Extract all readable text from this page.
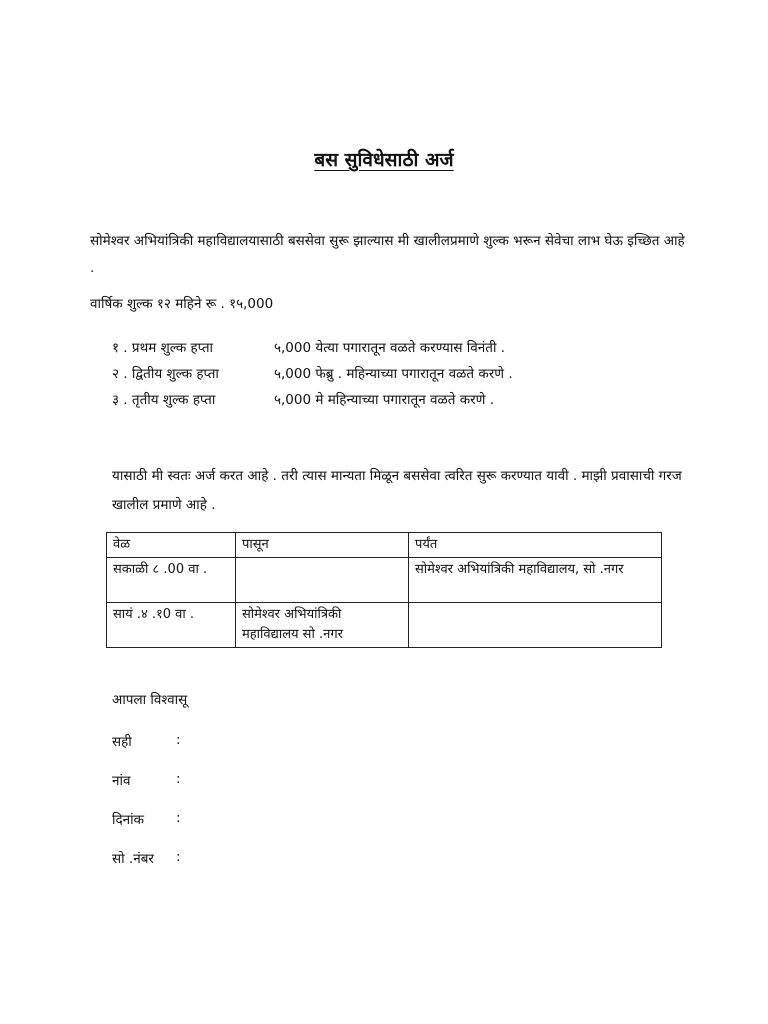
बस सुविधेसाठी अर्ज
सोमेश्वर अभियांत्रिकी महाविद्यालयासाठी बससेवा सुरू झाल्यास मी खालीलप्रमाणे शुल्क भरून सेवेचा लाभ घेऊ इच्छित आहे .
वार्षिक शुल्क १२ महिने रू . १५,000
१ . प्रथम शुल्क हप्ता	५,000 येत्या पगारातून वळते करण्यास विनंती .
२ . द्वितीय शुल्क हप्ता	५,000 फेब्रु . महिन्याच्या पगारातून वळते करणे .
३ . तृतीय शुल्क हप्ता	५,000 मे महिन्याच्या पगारातून वळते करणे .
यासाठी मी स्वतः अर्ज करत आहे . तरी त्यास मान्यता मिळून बससेवा त्वरित सुरू करण्यात यावी . माझी प्रवासाची गरज खालील प्रमाणे आहे .
वेळ	पासून	पर्यंत
सकाळी ८ .00 वा .		सोमेश्वर अभियांत्रिकी महाविद्यालय, सो .नगर
सायं .४ .१0 वा .	सोमेश्वर अभियांत्रिकी महाविद्यालय सो .नगर	
आपला विश्वासू
सही	:
नांव	:
दिनांक	:
सो .नंबर	:
